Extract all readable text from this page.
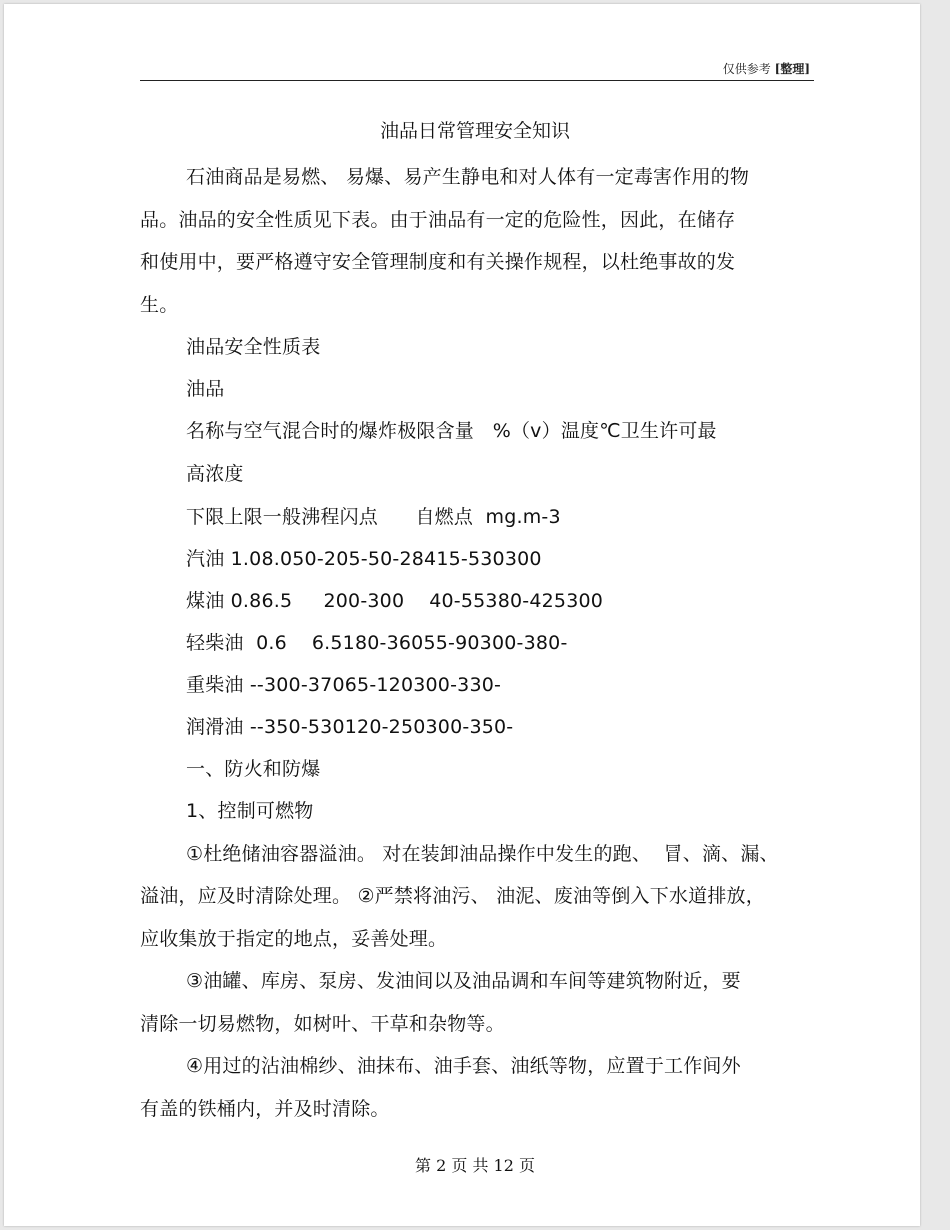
仅供参考 [整理]
油品日常管理安全知识
石油商品是易燃、 易爆、易产生静电和对人体有一定毒害作用的物
品。油品的安全性质见下表。由于油品有一定的危险性，因此，在储存
和使用中，要严格遵守安全管理制度和有关操作规程，以杜绝事故的发
生。
油品安全性质表
油品
名称与空气混合时的爆炸极限含量   %（v）温度℃卫生许可最
高浓度
下限上限一般沸程闪点      自燃点  mg.m-3
汽油 1.08.050-205-50-28415-530300
煤油 0.86.5     200-300    40-55380-425300
轻柴油  0.6    6.5180-36055-90300-380-
重柴油 --300-37065-120300-330-
润滑油 --350-530120-250300-350-
一、防火和防爆
1、控制可燃物
①杜绝储油容器溢油。 对在装卸油品操作中发生的跑、  冒、滴、漏、
溢油，应及时清除处理。 ②严禁将油污、 油泥、废油等倒入下水道排放，
应收集放于指定的地点，妥善处理。
③油罐、库房、泵房、发油间以及油品调和车间等建筑物附近，要
清除一切易燃物，如树叶、干草和杂物等。
④用过的沾油棉纱、油抹布、油手套、油纸等物，应置于工作间外
有盖的铁桶内，并及时清除。
第 2 页 共 12 页
